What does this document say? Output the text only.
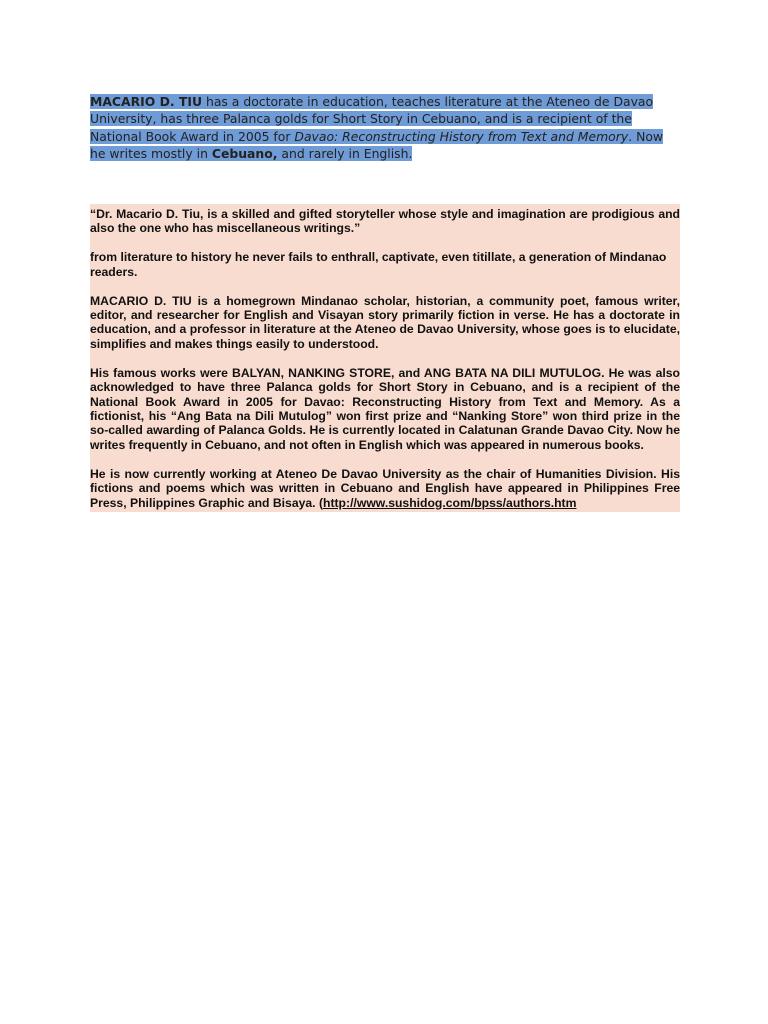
MACARIO D. TIU has a doctorate in education, teaches literature at the Ateneo de Davao University, has three Palanca golds for Short Story in Cebuano, and is a recipient of the National Book Award in 2005 for Davao: Reconstructing History from Text and Memory. Now he writes mostly in Cebuano, and rarely in English.

“Dr. Macario D. Tiu, is a skilled and gifted storyteller whose style and imagination are prodigious and also the one who has miscellaneous writings.”

from literature to history he never fails to enthrall, captivate, even titillate, a generation of Mindanao readers.

MACARIO D. TIU is a homegrown Mindanao scholar, historian, a community poet, famous writer, editor, and researcher for English and Visayan story primarily fiction in verse. He has a doctorate in education, and a professor in literature at the Ateneo de Davao University, whose goes is to elucidate, simplifies and makes things easily to understood.

His famous works were BALYAN, NANKING STORE, and ANG BATA NA DILI MUTULOG. He was also acknowledged to have three Palanca golds for Short Story in Cebuano, and is a recipient of the National Book Award in 2005 for Davao: Reconstructing History from Text and Memory. As a fictionist, his “Ang Bata na Dili Mutulog” won first prize and “Nanking Store” won third prize in the so-called awarding of Palanca Golds. He is currently located in Calatunan Grande Davao City. Now he writes frequently in Cebuano, and not often in English which was appeared in numerous books.

He is now currently working at Ateneo De Davao University as the chair of Humanities Division. His fictions and poems which was written in Cebuano and English have appeared in Philippines Free Press, Philippines Graphic and Bisaya. (http://www.sushidog.com/bpss/authors.htm
